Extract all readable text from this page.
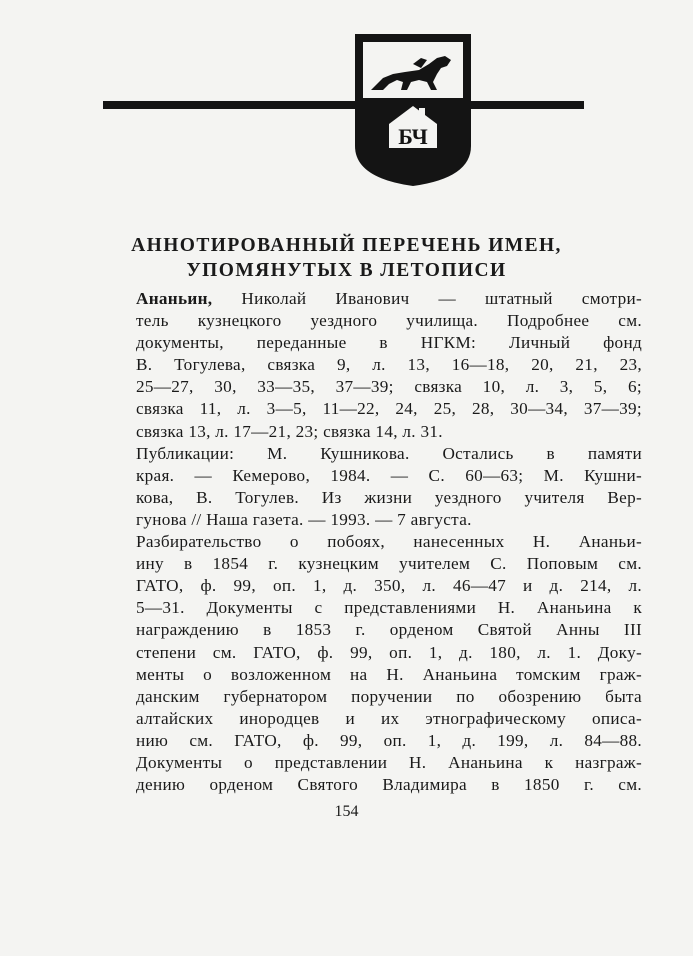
БЧ
АННОТИРОВАННЫЙ ПЕРЕЧЕНЬ ИМЕН,
УПОМЯНУТЫХ В ЛЕТОПИСИ
Ананьин, Николай Иванович — штатный смотри-
тель кузнецкого уездного училища. Подробнее см.
документы, переданные в НГКМ: Личный фонд
В. Тогулева, связка 9, л. 13, 16—18, 20, 21, 23,
25—27, 30, 33—35, 37—39; связка 10, л. 3, 5, 6;
связка 11, л. 3—5, 11—22, 24, 25, 28, 30—34, 37—39;
связка 13, л. 17—21, 23; связка 14, л. 31.
Публикации: М. Кушникова. Остались в памяти
края. — Кемерово, 1984. — С. 60—63; М. Кушни-
кова, В. Тогулев. Из жизни уездного учителя Вер-
гунова // Наша газета. — 1993. — 7 августа.
Разбирательство о побоях, нанесенных Н. Ананьи-
ину в 1854 г. кузнецким учителем С. Поповым см.
ГАТО, ф. 99, оп. 1, д. 350, л. 46—47 и д. 214, л.
5—31. Документы с представлениями Н. Ананьина к
награждению в 1853 г. орденом Святой Анны III
степени см. ГАТО, ф. 99, оп. 1, д. 180, л. 1. Доку-
менты о возложенном на Н. Ананьина томским граж-
данским губернатором поручении по обозрению быта
алтайских инородцев и их этнографическому описа-
нию см. ГАТО, ф. 99, оп. 1, д. 199, л. 84—88.
Документы о представлении Н. Ананьина к назграж-
дению орденом Святого Владимира в 1850 г. см.
154
